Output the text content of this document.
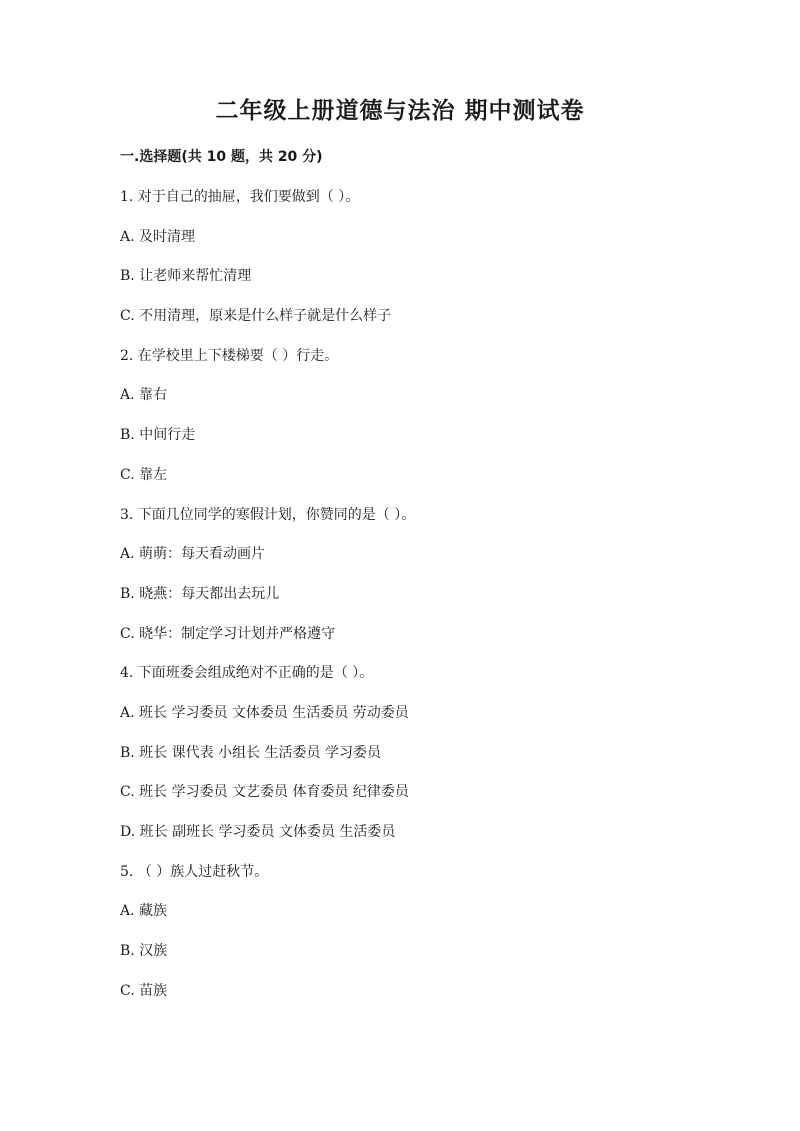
二年级上册道德与法治 期中测试卷
一.选择题(共 10 题，共 20 分)
1. 对于自己的抽屉，我们要做到（ ）。
A. 及时清理
B. 让老师来帮忙清理
C. 不用清理，原来是什么样子就是什么样子
2. 在学校里上下楼梯要（ ）行走。
A. 靠右
B. 中间行走
C. 靠左
3. 下面几位同学的寒假计划，你赞同的是（ ）。
A. 萌萌：每天看动画片
B. 晓燕：每天都出去玩儿
C. 晓华：制定学习计划并严格遵守
4. 下面班委会组成绝对不正确的是（ ）。
A. 班长 学习委员 文体委员 生活委员 劳动委员
B. 班长 课代表 小组长 生活委员 学习委员
C. 班长 学习委员 文艺委员 体育委员 纪律委员
D. 班长 副班长 学习委员 文体委员 生活委员
5. （ ）族人过赶秋节。
A. 藏族
B. 汉族
C. 苗族
